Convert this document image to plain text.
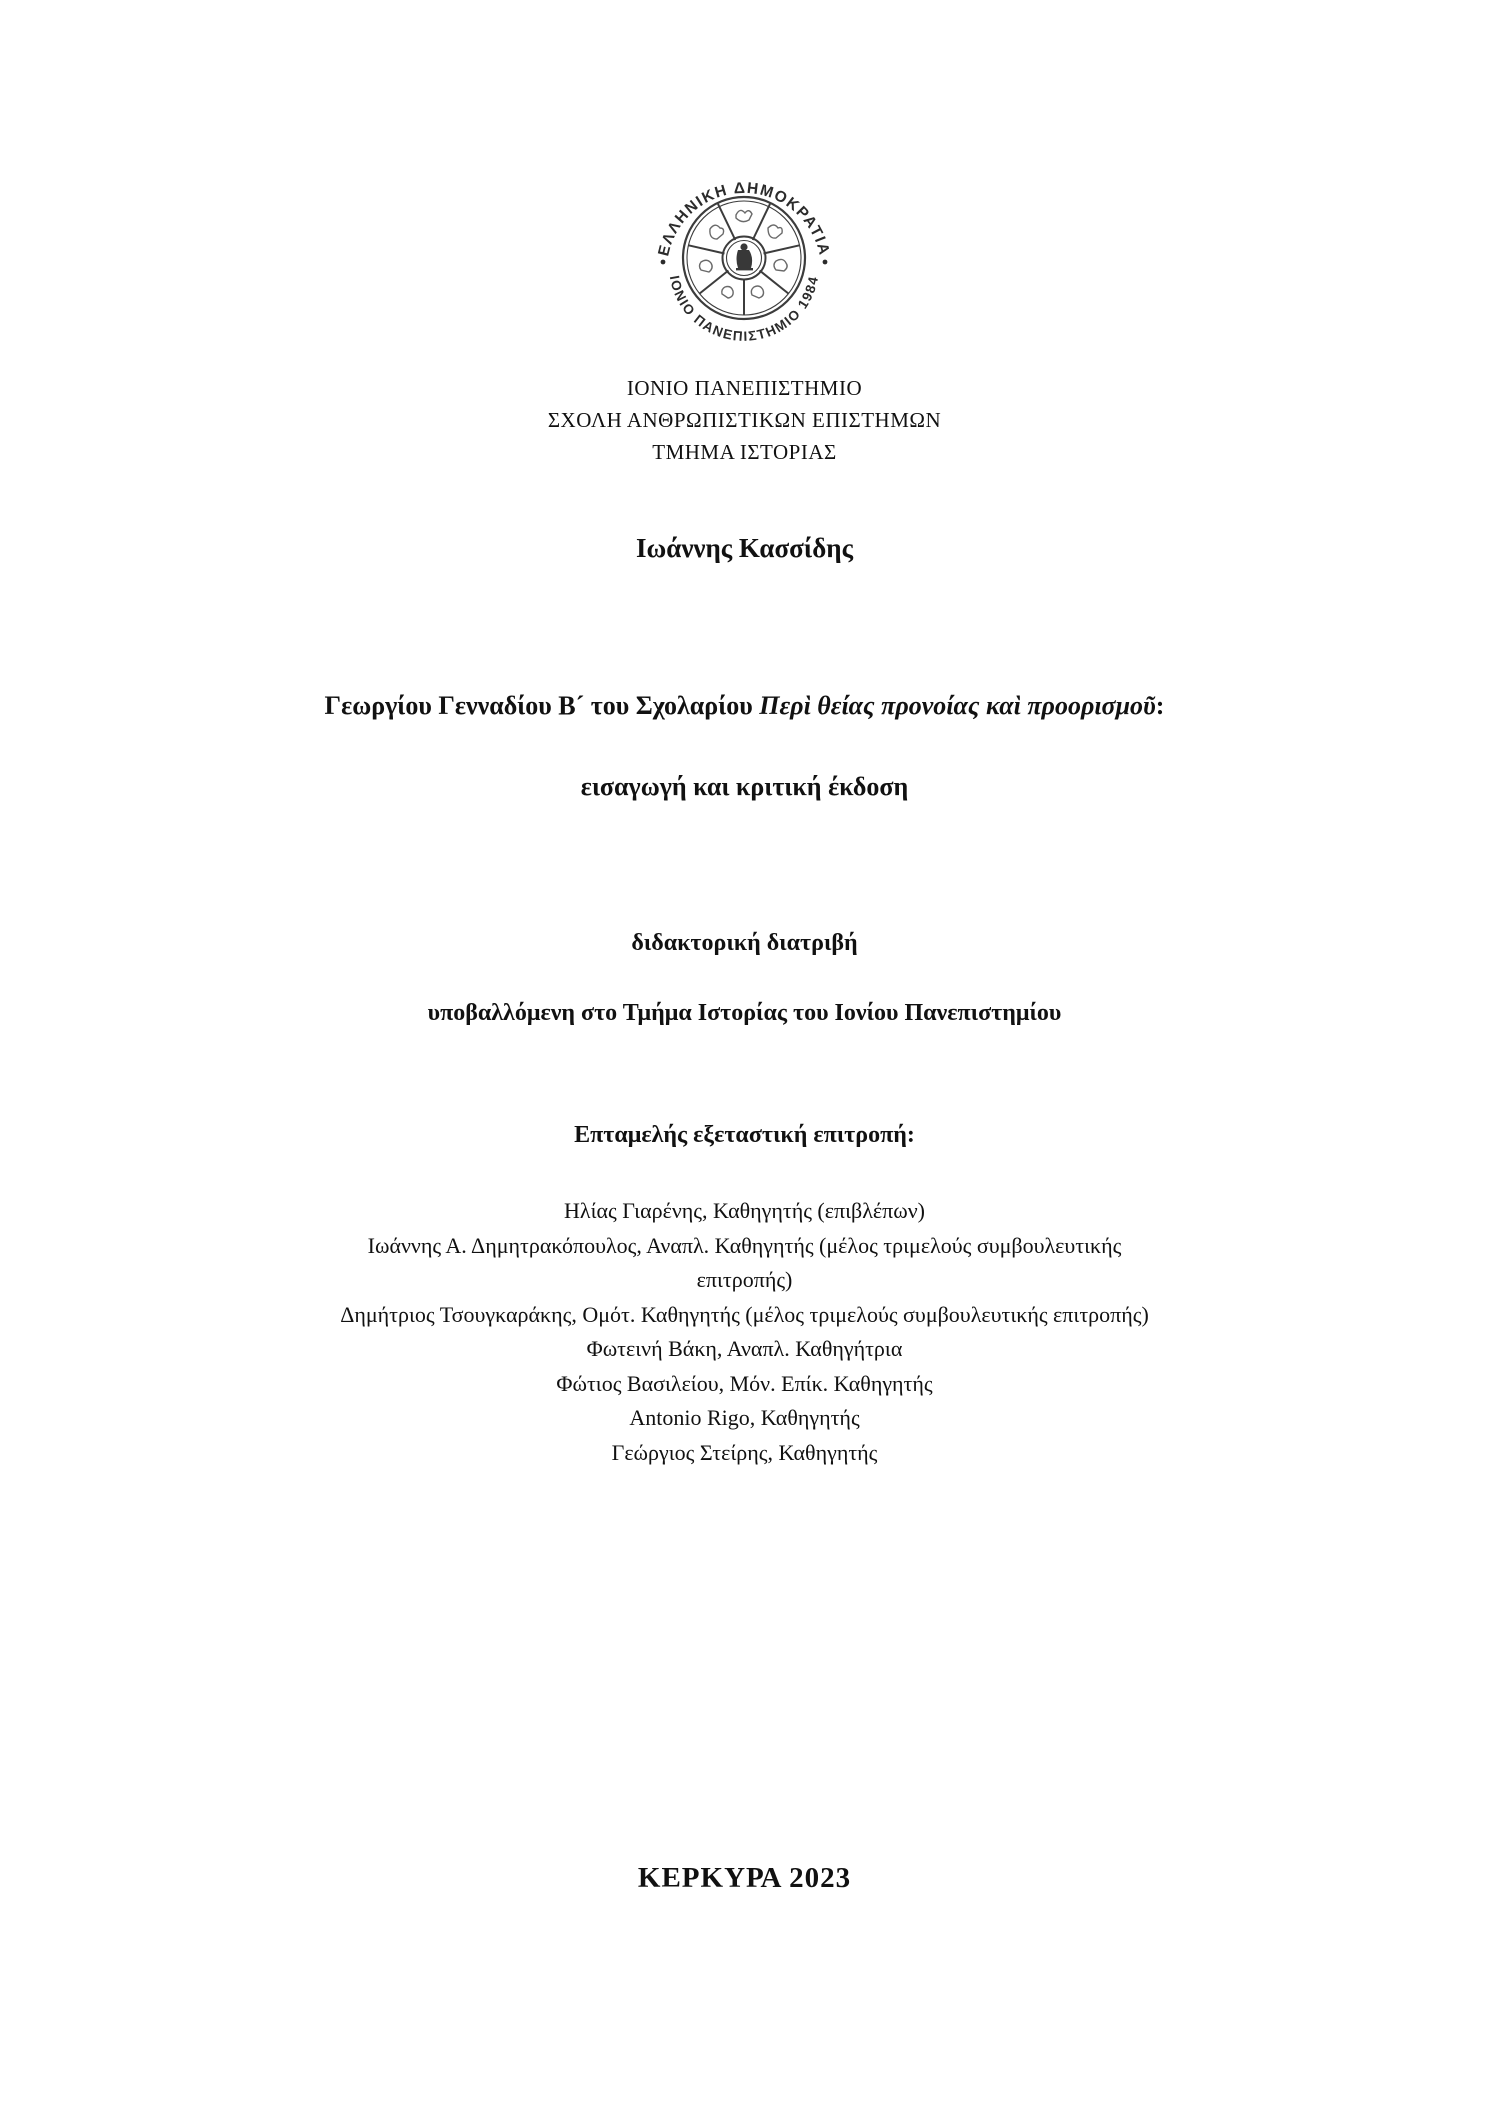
ΕΛΛΗΝΙΚΗ ΔΗΜΟΚΡΑΤΙΑ
ΙΟΝΙΟ ΠΑΝΕΠΙΣΤΗΜΙΟ 1984
ΙΟΝΙΟ ΠΑΝΕΠΙΣΤΗΜΙΟ
ΣΧΟΛΗ ΑΝΘΡΩΠΙΣΤΙΚΩΝ ΕΠΙΣΤΗΜΩΝ
ΤΜΗΜΑ ΙΣΤΟΡΙΑΣ
Ιωάννης Κασσίδης
Γεωργίου Γενναδίου Β´ του Σχολαρίου Περὶ θείας προνοίας καὶ προορισμοῦ:
εισαγωγή και κριτική έκδοση
διδακτορική διατριβή
υποβαλλόμενη στο Τμήμα Ιστορίας του Ιονίου Πανεπιστημίου
Επταμελής εξεταστική επιτροπή:
Ηλίας Γιαρένης, Καθηγητής (επιβλέπων)
Ιωάννης Α. Δημητρακόπουλος, Αναπλ. Καθηγητής (μέλος τριμελούς συμβουλευτικής
επιτροπής)
Δημήτριος Τσουγκαράκης, Ομότ. Καθηγητής (μέλος τριμελούς συμβουλευτικής επιτροπής)
Φωτεινή Βάκη, Αναπλ. Καθηγήτρια
Φώτιος Βασιλείου, Μόν. Επίκ. Καθηγητής
Antonio Rigo, Καθηγητής
Γεώργιος Στείρης, Καθηγητής
ΚΕΡΚΥΡΑ 2023
